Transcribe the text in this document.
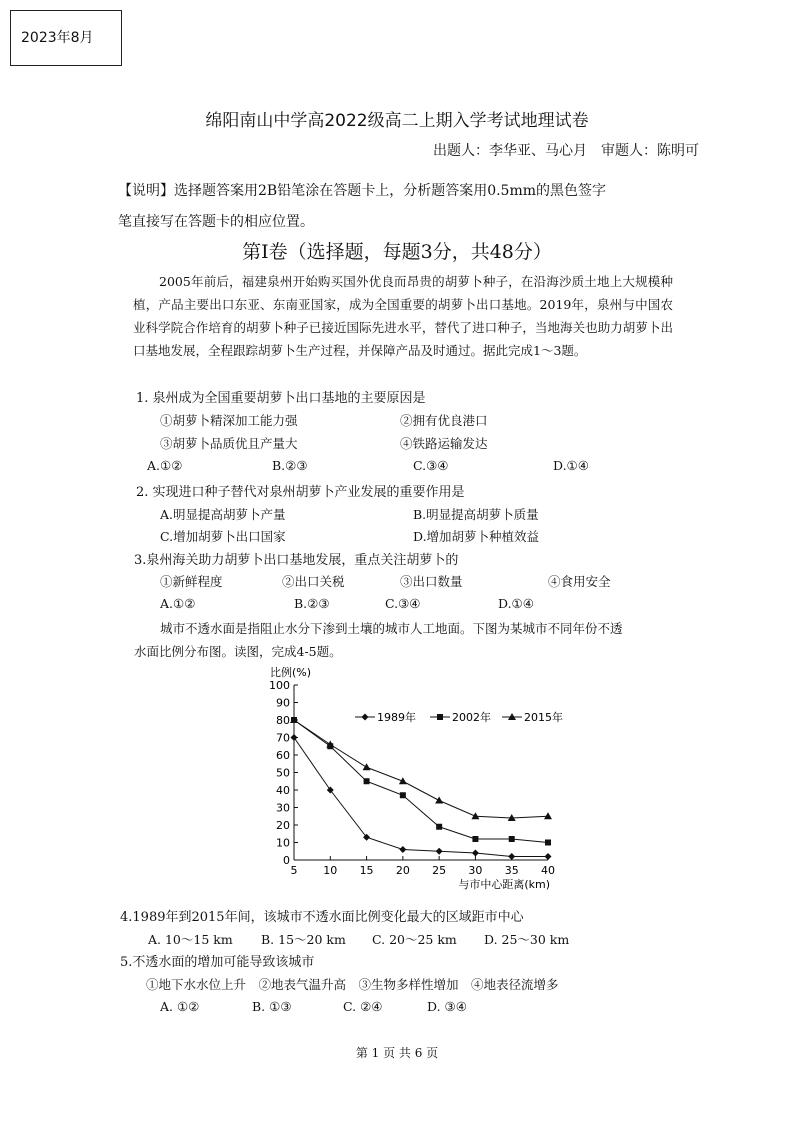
2023年8月
绵阳南山中学高2022级高二上期入学考试地理试卷
出题人：李华亚、马心月　审题人：陈明可
【说明】选择题答案用2B铅笔涂在答题卡上，分析题答案用0.5mm的黑色签字
笔直接写在答题卡的相应位置。
第Ⅰ卷（选择题，每题3分，共48分）
2005年前后，福建泉州开始购买国外优良而昂贵的胡萝卜种子，在沿海沙质土地上大规模种植，产品主要出口东亚、东南亚国家，成为全国重要的胡萝卜出口基地。2019年，泉州与中国农业科学院合作培育的胡萝卜种子已接近国际先进水平，替代了进口种子，当地海关也助力胡萝卜出口基地发展，全程跟踪胡萝卜生产过程，并保障产品及时通过。据此完成1～3题。
1. 泉州成为全国重要胡萝卜出口基地的主要原因是
①胡萝卜精深加工能力强	②拥有优良港口
③胡萝卜品质优且产量大	④铁路运输发达
A.①②	B.②③	C.③④	D.①④
2. 实现进口种子替代对泉州胡萝卜产业发展的重要作用是
A.明显提高胡萝卜产量	B.明显提高胡萝卜质量
C.增加胡萝卜出口国家	D.增加胡萝卜种植效益
3.泉州海关助力胡萝卜出口基地发展，重点关注胡萝卜的
①新鲜程度	②出口关税	③出口数量	④食用安全
A.①②	B.②③	C.③④	D.①④
城市不透水面是指阻止水分下渗到土壤的城市人工地面。下图为某城市不同年份不透
水面比例分布图。读图，完成4-5题。
0
10
20
30
40
50
60
70
80
90
100
5 10 15 20 25 30 35 40
比例(%)
与市中心距离(km)
1989年	2002年	2015年
4.1989年到2015年间，该城市不透水面比例变化最大的区域距市中心
A. 10～15 km B. 15～20 km C. 20～25 km D. 25～30 km
5.不透水面的增加可能导致该城市
①地下水水位上升　②地表气温升高　③生物多样性增加　④地表径流增多
A. ①②	B. ①③	C. ②④	D. ③④
第 1 页 共 6 页
